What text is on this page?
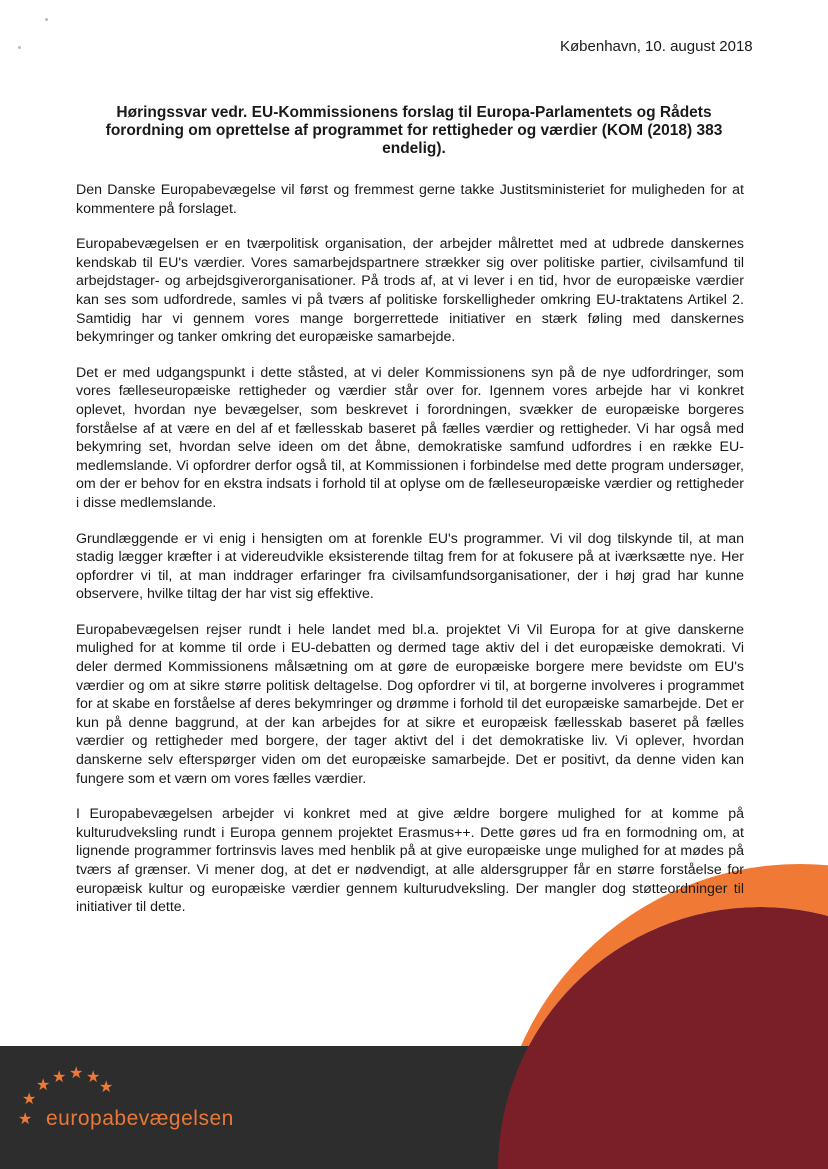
København, 10. august 2018
Høringssvar vedr. EU-Kommissionens forslag til Europa-Parlamentets og Rådets forordning om oprettelse af programmet for rettigheder og værdier (KOM (2018) 383 endelig).

Den Danske Europabevægelse vil først og fremmest gerne takke Justitsministeriet for muligheden for at kommentere på forslaget.

Europabevægelsen er en tværpolitisk organisation, der arbejder målrettet med at udbrede danskernes kendskab til EU's værdier. Vores samarbejdspartnere strækker sig over politiske partier, civilsamfund til arbejdstager- og arbejdsgiverorganisationer. På trods af, at vi lever i en tid, hvor de europæiske værdier kan ses som udfordrede, samles vi på tværs af politiske forskelligheder omkring EU-traktatens Artikel 2. Samtidig har vi gennem vores mange borgerrettede initiativer en stærk føling med danskernes bekymringer og tanker omkring det europæiske samarbejde.

Det er med udgangspunkt i dette ståsted, at vi deler Kommissionens syn på de nye udfordringer, som vores fælleseuropæiske rettigheder og værdier står over for. Igennem vores arbejde har vi konkret oplevet, hvordan nye bevægelser, som beskrevet i forordningen, svækker de europæiske borgeres forståelse af at være en del af et fællesskab baseret på fælles værdier og rettigheder. Vi har også med bekymring set, hvordan selve ideen om det åbne, demokratiske samfund udfordres i en række EU-medlemslande. Vi opfordrer derfor også til, at Kommissionen i forbindelse med dette program undersøger, om der er behov for en ekstra indsats i forhold til at oplyse om de fælleseuropæiske værdier og rettigheder i disse medlemslande.

Grundlæggende er vi enig i hensigten om at forenkle EU's programmer. Vi vil dog tilskynde til, at man stadig lægger kræfter i at videreudvikle eksisterende tiltag frem for at fokusere på at iværksætte nye. Her opfordrer vi til, at man inddrager erfaringer fra civilsamfundsorganisationer, der i høj grad har kunne observere, hvilke tiltag der har vist sig effektive.

Europabevægelsen rejser rundt i hele landet med bl.a. projektet Vi Vil Europa for at give danskerne mulighed for at komme til orde i EU-debatten og dermed tage aktiv del i det europæiske demokrati. Vi deler dermed Kommissionens målsætning om at gøre de europæiske borgere mere bevidste om EU's værdier og om at sikre større politisk deltagelse. Dog opfordrer vi til, at borgerne involveres i programmet for at skabe en forståelse af deres bekymringer og drømme i forhold til det europæiske samarbejde. Det er kun på denne baggrund, at der kan arbejdes for at sikre et europæisk fællesskab baseret på fælles værdier og rettigheder med borgere, der tager aktivt del i det demokratiske liv. Vi oplever, hvordan danskerne selv efterspørger viden om det europæiske samarbejde. Det er positivt, da denne viden kan fungere som et værn om vores fælles værdier.

I Europabevægelsen arbejder vi konkret med at give ældre borgere mulighed for at komme på kulturudveksling rundt i Europa gennem projektet Erasmus++. Dette gøres ud fra en formodning om, at lignende programmer fortrinsvis laves med henblik på at give europæiske unge mulighed for at mødes på tværs af grænser. Vi mener dog, at det er nødvendigt, at alle aldersgrupper får en større forståelse for europæisk kultur og europæiske værdier gennem kulturudveksling. Der mangler dog støtteordninger til initiativer til dette.

★ ★ ★ ★
★
★
★ europabevægelsen
